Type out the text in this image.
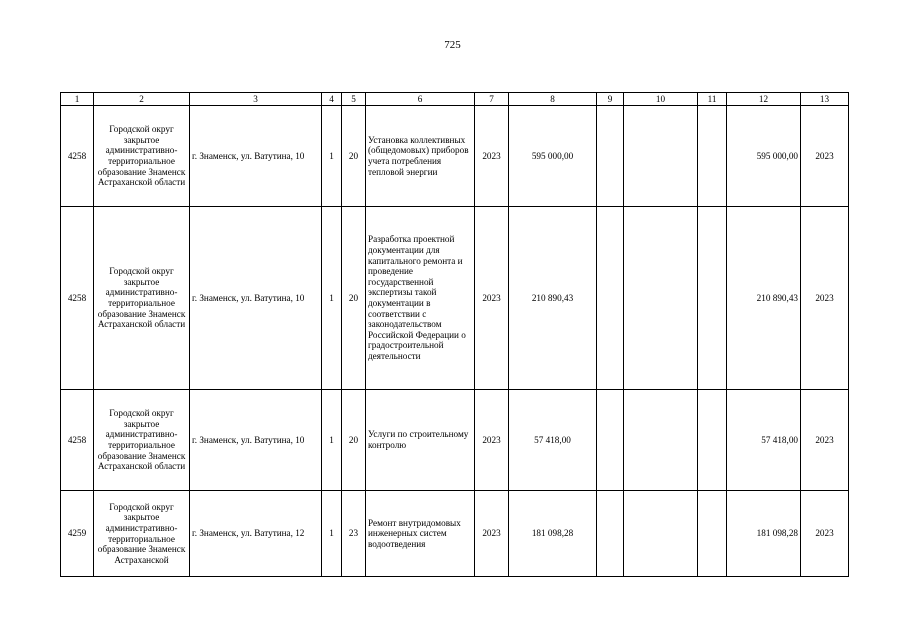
725
1	2	3	4	5	6	7	8	9	10	11	12	13
4258	Городской округ закрытое административно-территориальное образование Знаменск Астраханской области	г. Знаменск, ул. Ватутина, 10	1	20	Установка коллективных (общедомовых) приборов учета потребления тепловой энергии	2023	595 000,00				595 000,00	2023
4258	Городской округ закрытое административно-территориальное образование Знаменск Астраханской области	г. Знаменск, ул. Ватутина, 10	1	20	Разработка проектной документации для капитального ремонта и проведение государственной экспертизы такой документации в соответствии с законодательством Российской Федерации о градостроительной деятельности	2023	210 890,43				210 890,43	2023
4258	Городской округ закрытое административно-территориальное образование Знаменск Астраханской области	г. Знаменск, ул. Ватутина, 10	1	20	Услуги по строительному контролю	2023	57 418,00				57 418,00	2023
4259	Городской округ закрытое административно-территориальное образование Знаменск Астраханской	г. Знаменск, ул. Ватутина, 12	1	23	Ремонт внутридомовых инженерных систем водоотведения	2023	181 098,28				181 098,28	2023
